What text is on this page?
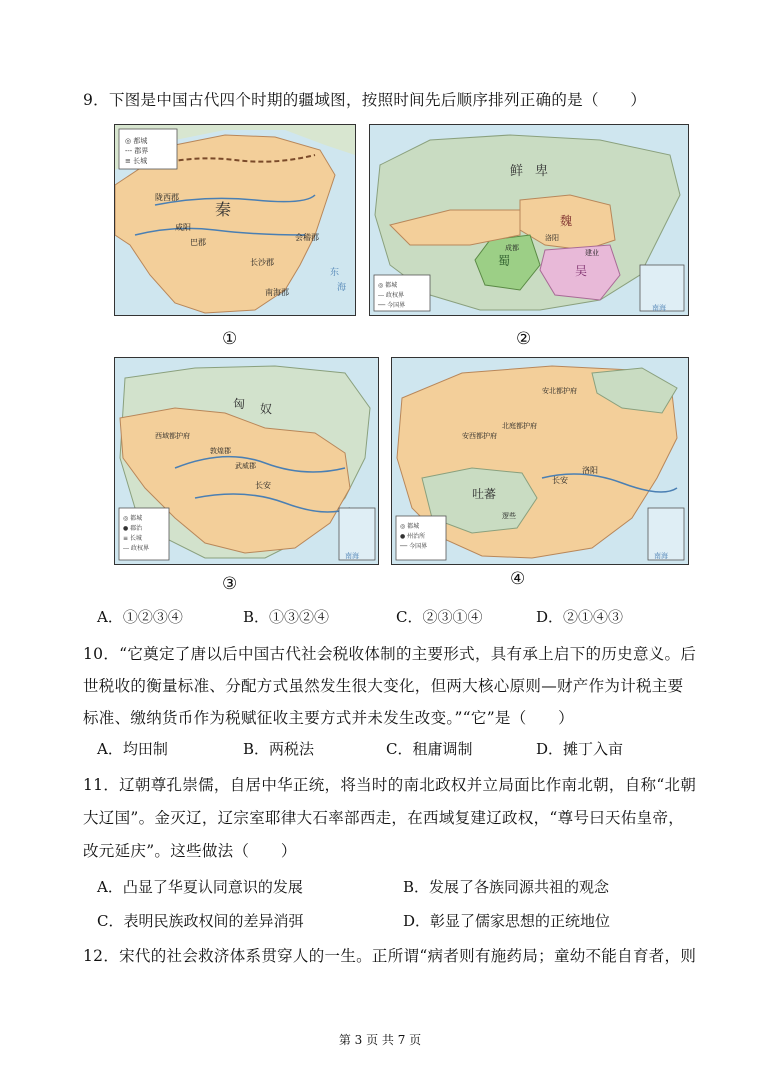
9．下图是中国古代四个时期的疆域图，按照时间先后顺序排列正确的是（　　）
◎ 都城
--- 郡界
≡ 长城
秦
咸阳
会稽郡
陇西郡
巴郡
长沙郡
南海郡
东
海
①
南海
◎ 都城
--- 政权界
── 今国界
鲜 卑
魏
蜀
吴
洛阳
成都
建业
②
南海
◎ 都城
● 郡治
≡ 长城
--- 政权界
匈 奴
长安
西域都护府
敦煌郡
武威郡
③
南海
◎ 都城
● 州治所
── 今国界
长安
吐蕃
逻些
洛阳
安北都护府
北庭都护府
安西都护府
④
A．①②③④	B．①③②④	C．②③①④	D．②①④③
10．“它奠定了唐以后中国古代社会税收体制的主要形式，具有承上启下的历史意义。后
世税收的衡量标准、分配方式虽然发生很大变化，但两大核心原则—财产作为计税主要
标准、缴纳货币作为税赋征收主要方式并未发生改变。”“它”是（　　）
A．均田制	B．两税法	C．租庸调制	D．摊丁入亩
11．辽朝尊孔崇儒，自居中华正统，将当时的南北政权并立局面比作南北朝，自称“北朝
大辽国”。金灭辽，辽宗室耶律大石率部西走，在西域复建辽政权，“尊号曰天佑皇帝，
改元延庆”。这些做法（　　）
A．凸显了华夏认同意识的发展	B．发展了各族同源共祖的观念
C．表明民族政权间的差异消弭	D．彰显了儒家思想的正统地位
12．宋代的社会救济体系贯穿人的一生。正所谓“病者则有施药局；童幼不能自育者，则
第 3 页 共 7 页
